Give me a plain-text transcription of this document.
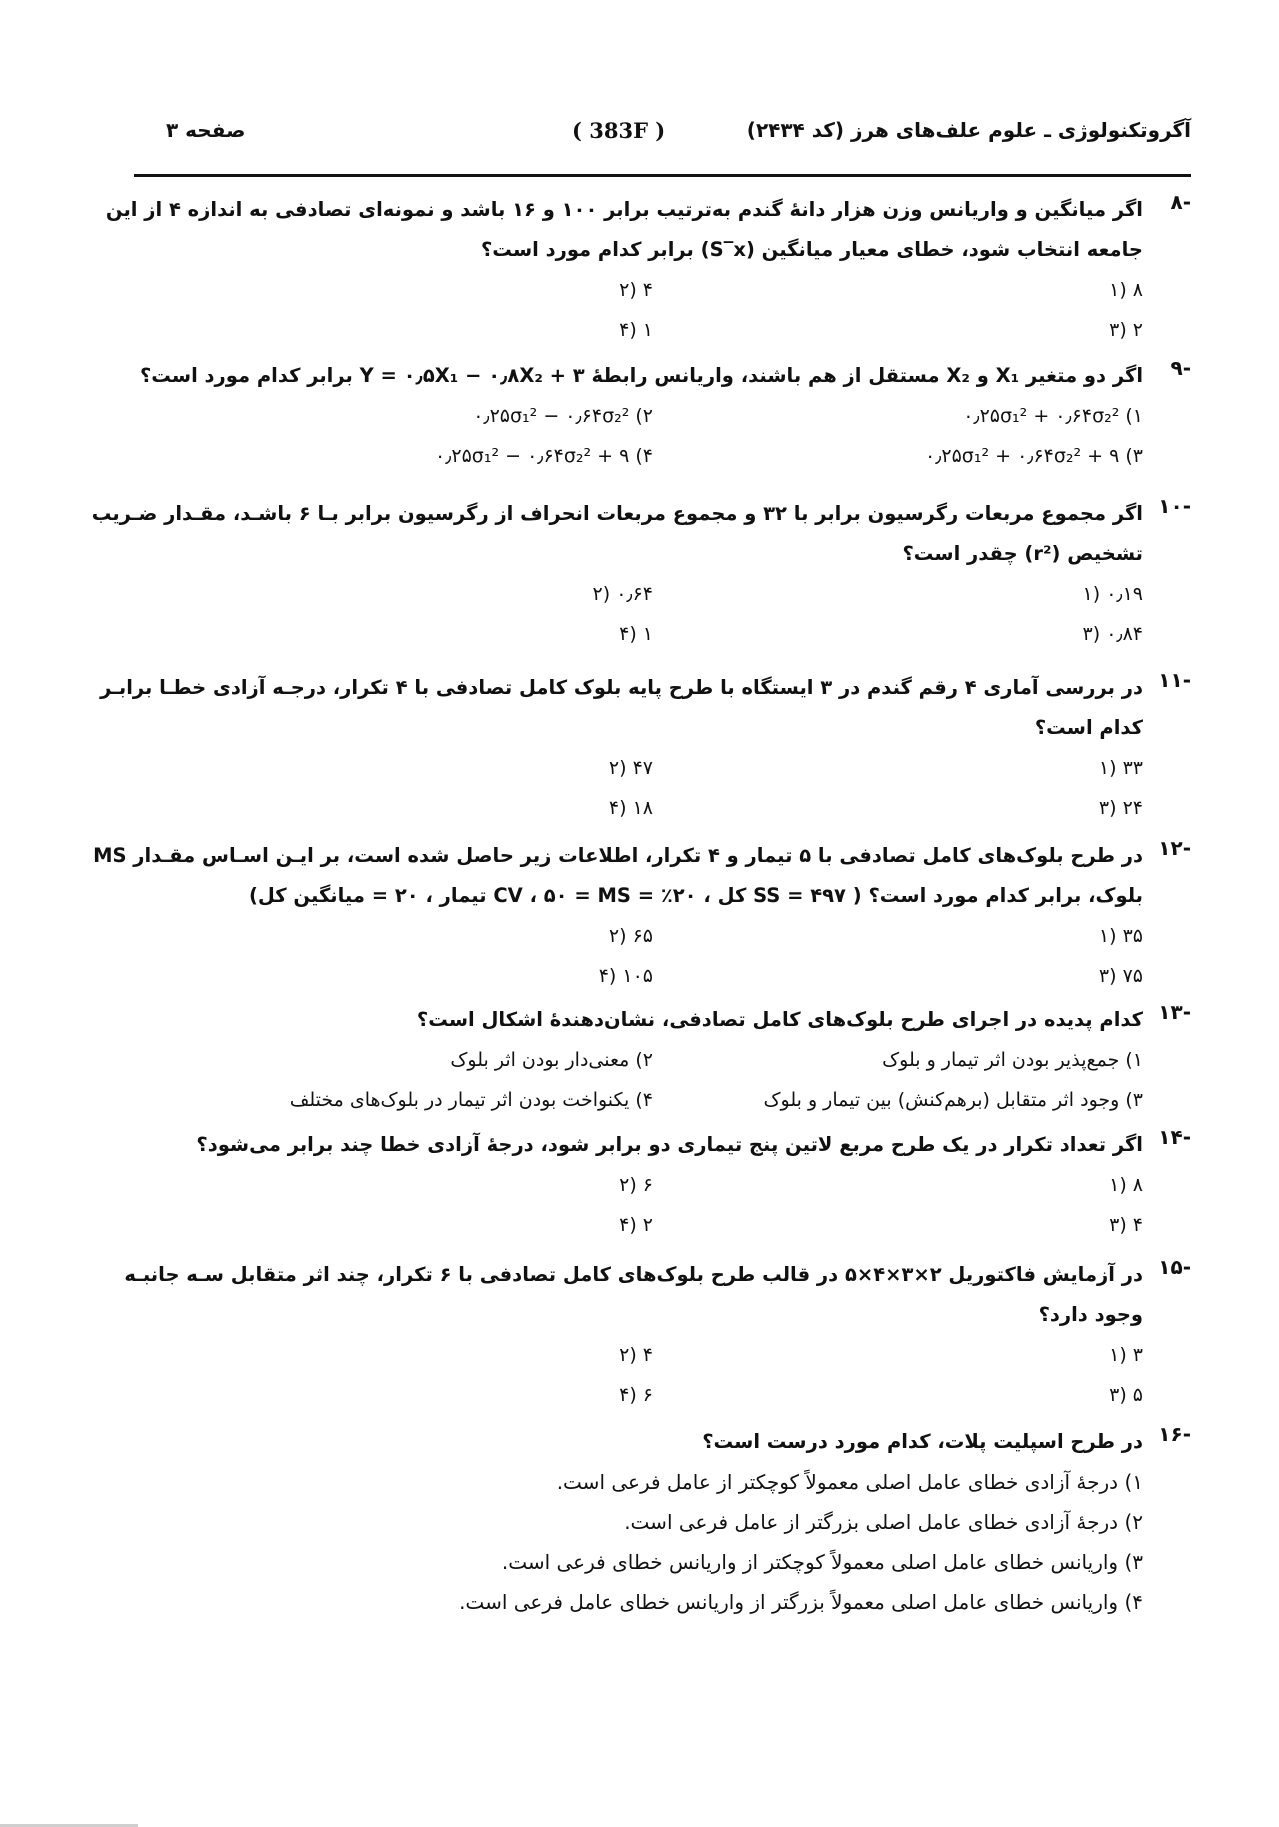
آگروتکنولوژی ـ علوم علف‌های هرز (کد ۲۴۳۴)
( 383F )
صفحه ۳
-۸
اگر میانگین و واریانس وزن هزار دانهٔ گندم به‌ترتیب برابر ۱۰۰ و ۱۶ باشد و نمونه‌ای تصادفی به اندازه ۴ از این
جامعه انتخاب شود، خطای معیار میانگین (S‾x) برابر کدام مورد است؟
۸ (۱
۴ (۲
۲ (۳
۱ (۴
-۹
اگر دو متغیر X₁ و X₂ مستقل از هم باشند، واریانس رابطهٔ Y = ۰٫۵X₁ − ۰٫۸X₂ + ۳ برابر کدام مورد است؟
۰٫۲۵σ₁² + ۰٫۶۴σ₂² (۱
۰٫۲۵σ₁² − ۰٫۶۴σ₂² (۲
۰٫۲۵σ₁² + ۰٫۶۴σ₂² + ۹ (۳
۰٫۲۵σ₁² − ۰٫۶۴σ₂² + ۹ (۴
-۱۰
اگر مجموع مربعات رگرسیون برابر با ۳۲ و مجموع مربعات انحراف از رگرسیون برابر بـا ۶ باشـد، مقـدار ضـریب
تشخیص (r²) چقدر است؟
۰٫۱۹ (۱
۰٫۶۴ (۲
۰٫۸۴ (۳
۱ (۴
-۱۱
در بررسی آماری ۴ رقم گندم در ۳ ایستگاه با طرح پایه بلوک کامل تصادفی با ۴ تکرار، درجـه آزادی خطـا برابـر
کدام است؟
۳۳ (۱
۴۷ (۲
۲۴ (۳
۱۸ (۴
-۱۲
در طرح بلوک‌های کامل تصادفی با ۵ تیمار و ۴ تکرار، اطلاعات زیر حاصل شده است، بر ایـن اسـاس مقـدار MS
بلوک، برابر کدام مورد است؟ ( SS = ۴۹۷ کل ، ۲۰٪ = CV ، ۵۰ = MS تیمار ، ۲۰ = میانگین کل)
۳۵ (۱
۶۵ (۲
۷۵ (۳
۱۰۵ (۴
-۱۳
کدام پدیده در اجرای طرح بلوک‌های کامل تصادفی، نشان‌دهندهٔ اشکال است؟
۱) جمع‌پذیر بودن اثر تیمار و بلوک
۲) معنی‌دار بودن اثر بلوک
۳) وجود اثر متقابل (برهم‌کنش) بین تیمار و بلوک
۴) یکنواخت بودن اثر تیمار در بلوک‌های مختلف
-۱۴
اگر تعداد تکرار در یک طرح مربع لاتین پنج تیماری دو برابر شود، درجهٔ آزادی خطا چند برابر می‌شود؟
۸ (۱
۶ (۲
۴ (۳
۲ (۴
-۱۵
در آزمایش فاکتوریل ۲×۳×۴×۵ در قالب طرح بلوک‌های کامل تصادفی با ۶ تکرار، چند اثر متقابل سـه جانبـه
وجود دارد؟
۳ (۱
۴ (۲
۵ (۳
۶ (۴
-۱۶
در طرح اسپلیت پلات، کدام مورد درست است؟
۱) درجهٔ آزادی خطای عامل اصلی معمولاً کوچکتر از عامل فرعی است.
۲) درجهٔ آزادی خطای عامل اصلی بزرگتر از عامل فرعی است.
۳) واریانس خطای عامل اصلی معمولاً کوچکتر از واریانس خطای فرعی است.
۴) واریانس خطای عامل اصلی معمولاً بزرگتر از واریانس خطای عامل فرعی است.
